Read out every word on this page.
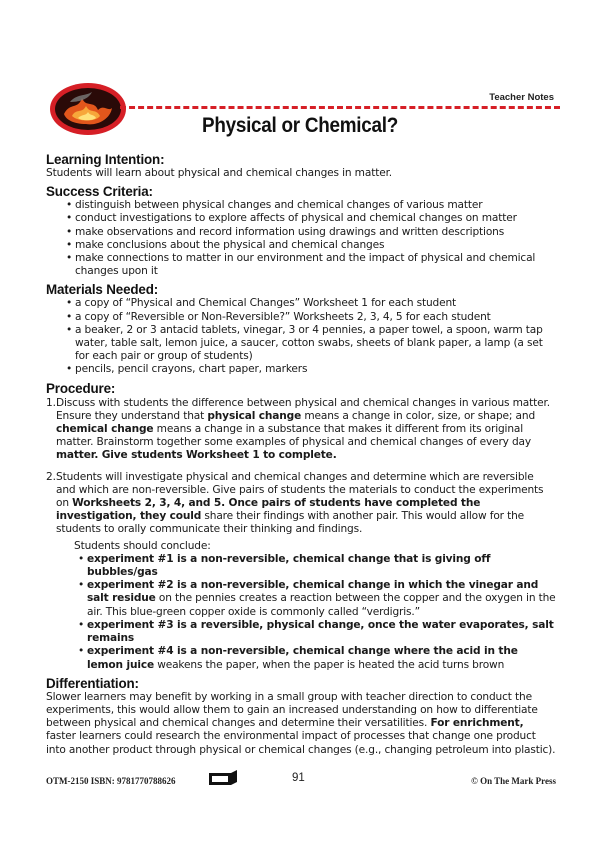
Teacher Notes
Physical or Chemical?
Learning Intention:
Students will learn about physical and chemical changes in matter.
Success Criteria:
• distinguish between physical changes and chemical changes of various matter
• conduct investigations to explore affects of physical and chemical changes on matter
• make observations and record information using drawings and written descriptions
• make conclusions about the physical and chemical changes
• make connections to matter in our environment and the impact of physical and chemical changes upon it
Materials Needed:
• a copy of “Physical and Chemical Changes” Worksheet 1 for each student
• a copy of “Reversible or Non-Reversible?” Worksheets 2, 3, 4, 5 for each student
• a beaker, 2 or 3 antacid tablets, vinegar, 3 or 4 pennies, a paper towel, a spoon, warm tap water, table salt, lemon juice, a saucer, cotton swabs, sheets of blank paper, a lamp (a set for each pair or group of students)
• pencils, pencil crayons, chart paper, markers
Procedure:
1. Discuss with students the difference between physical and chemical changes in various matter. Ensure they understand that physical change means a change in color, size, or shape; and chemical change means a change in a substance that makes it different from its original matter. Brainstorm together some examples of physical and chemical changes of every day matter. Give students Worksheet 1 to complete.
2. Students will investigate physical and chemical changes and determine which are reversible and which are non-reversible. Give pairs of students the materials to conduct the experiments on Worksheets 2, 3, 4, and 5. Once pairs of students have completed the investigation, they could share their findings with another pair. This would allow for the students to orally communicate their thinking and findings.
Students should conclude:
• experiment #1 is a non-reversible, chemical change that is giving off bubbles/gas
• experiment #2 is a non-reversible, chemical change in which the vinegar and salt residue on the pennies creates a reaction between the copper and the oxygen in the air. This blue-green copper oxide is commonly called “verdigris.”
• experiment #3 is a reversible, physical change, once the water evaporates, salt remains
• experiment #4 is a non-reversible, chemical change where the acid in the lemon juice weakens the paper, when the paper is heated the acid turns brown
Differentiation:
Slower learners may benefit by working in a small group with teacher direction to conduct the experiments, this would allow them to gain an increased understanding on how to differentiate between physical and chemical changes and determine their versatilities. For enrichment, faster learners could research the environmental impact of processes that change one product into another product through physical or chemical changes (e.g., changing petroleum into plastic).
OTM-2150 ISBN: 9781770788626	91	© On The Mark Press
